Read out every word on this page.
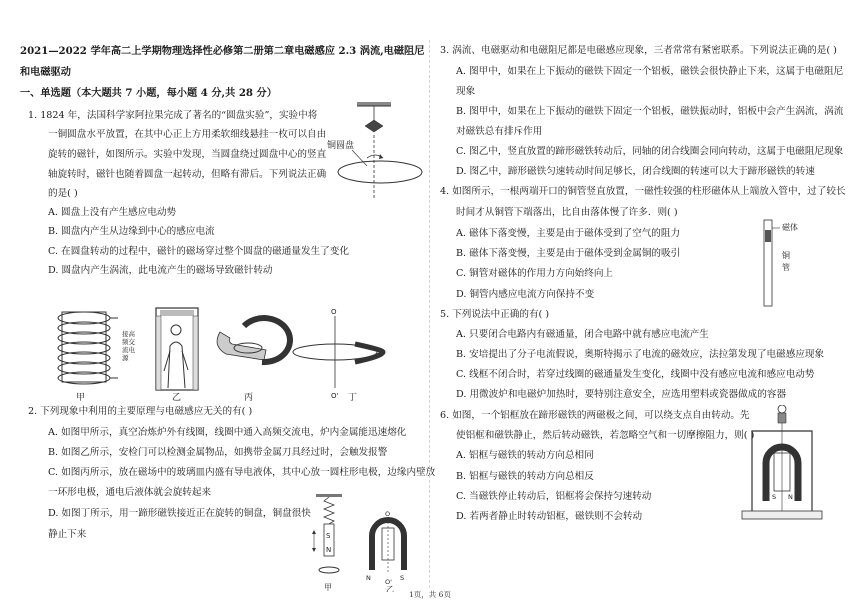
2021—2022 学年高二上学期物理选择性必修第二册第二章电磁感应 2.3 涡流,电磁阻尼
和电磁驱动
一、单选题（本大题共 7 小题，每小题 4 分,共 28 分）
1. 1824 年，法国科学家阿拉果完成了著名的“圆盘实验”，实验中将
一铜圆盘水平放置，在其中心正上方用柔软细线悬挂一枚可以自由
旋转的磁针，如图所示。实验中发现，当圆盘绕过圆盘中心的竖直
轴旋转时，磁针也随着圆盘一起转动，但略有滞后。下列说法正确
的是( )
A. 圆盘上没有产生感应电动势
B. 圆盘内产生从边缘到中心的感应电流
C. 在圆盘转动的过程中，磁针的磁场穿过整个圆盘的磁通量发生了变化
D. 圆盘内产生涡流，此电流产生的磁场导致磁针转动
2. 下列现象中利用的主要原理与电磁感应无关的有( )
A. 如图甲所示，真空冶炼炉外有线圈，线圈中通入高频交流电，炉内金属能迅速熔化
B. 如图乙所示，安检门可以检测金属物品，如携带金属刀具经过时，会触发报警
C. 如图丙所示，放在磁场中的玻璃皿内盛有导电液体，其中心放一圆柱形电极，边缘内壁放
一环形电极，通电后液体就会旋转起来
D. 如图丁所示，用一蹄形磁铁接近正在旋转的铜盘，铜盘很快
静止下来
铜圆盘
接高
频交
流电
源
O
O'
甲	乙	丙	丁
S
N
甲
N	S
O
O'
乙
3. 涡流、电磁驱动和电磁阻尼都是电磁感应现象，三者常常有紧密联系。下列说法正确的是( )
A. 图甲中，如果在上下振动的磁铁下固定一个铝板，磁铁会很快静止下来，这属于电磁阻尼
现象
B. 图甲中，如果在上下振动的磁铁下固定一个铝板，磁铁振动时，铝板中会产生涡流，涡流
对磁铁总有排斥作用
C. 图乙中，竖直放置的蹄形磁铁转动后，同轴的闭合线圈会同向转动，这属于电磁阻尼现象
D. 图乙中，蹄形磁铁匀速转动时间足够长，闭合线圈的转速可以大于蹄形磁铁的转速
4. 如图所示，一根两端开口的铜管竖直放置，一磁性较强的柱形磁体从上端放入管中，过了较长
时间才从铜管下端落出，比自由落体慢了许多．则( )
A. 磁体下落变慢，主要是由于磁体受到了空气的阻力
B. 磁体下落变慢，主要是由于磁体受到金属铜的吸引
C. 铜管对磁体的作用力方向始终向上
D. 铜管内感应电流方向保持不变
5. 下列说法中正确的有( )
A. 只要闭合电路内有磁通量，闭合电路中就有感应电流产生
B. 安培提出了分子电流假说，奥斯特揭示了电流的磁效应，法拉第发现了电磁感应现象
C. 线框不闭合时，若穿过线圈的磁通量发生变化，线圈中没有感应电流和感应电动势
D. 用微波炉和电磁炉加热时，要特别注意安全，应选用塑料或瓷器做成的容器
6. 如图，一个铝框放在蹄形磁铁的两磁极之间，可以绕支点自由转动。先
使铝框和磁铁静止，然后转动磁铁，若忽略空气和一切摩擦阻力，则( )
A. 铝框与磁铁的转动方向总相同
B. 铝框与磁铁的转动方向总相反
C. 当磁铁停止转动后，铝框将会保持匀速转动
D. 若两者静止时转动铝框，磁铁则不会转动
磁体
铜
管
S N
1页，共 6页
